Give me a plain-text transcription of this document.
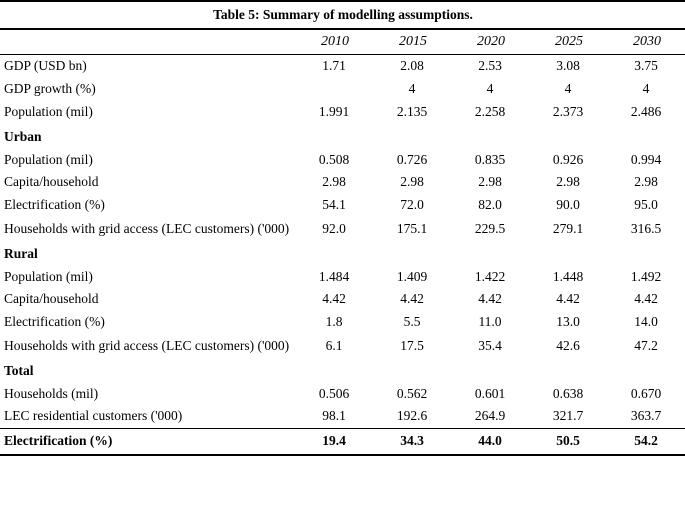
Table 5: Summary of modelling assumptions.
	2010	2015	2020	2025	2030
GDP (USD bn)	1.71	2.08	2.53	3.08	3.75
GDP growth (%)		4	4	4	4
Population (mil)	1.991	2.135	2.258	2.373	2.486
Urban					
Population (mil)	0.508	0.726	0.835	0.926	0.994
Capita/household	2.98	2.98	2.98	2.98	2.98
Electrification (%)	54.1	72.0	82.0	90.0	95.0
Households with grid access (LEC customers) ('000)	92.0	175.1	229.5	279.1	316.5
Rural					
Population (mil)	1.484	1.409	1.422	1.448	1.492
Capita/household	4.42	4.42	4.42	4.42	4.42
Electrification (%)	1.8	5.5	11.0	13.0	14.0
Households with grid access (LEC customers) ('000)	6.1	17.5	35.4	42.6	47.2
Total					
Households (mil)	0.506	0.562	0.601	0.638	0.670
LEC residential customers ('000)	98.1	192.6	264.9	321.7	363.7
Electrification (%)	19.4	34.3	44.0	50.5	54.2
